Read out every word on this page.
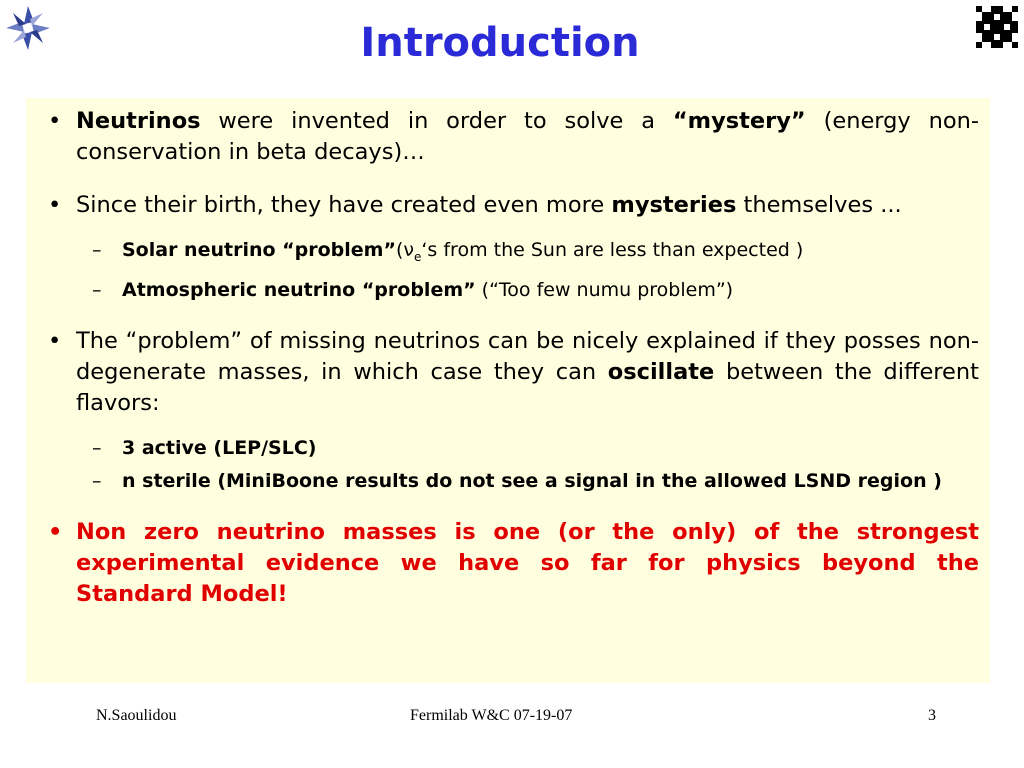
Introduction
• Neutrinos were invented in order to solve a “mystery” (energy non-conservation in beta decays)…
• Since their birth, they have created even more mysteries themselves ...
– Solar neutrino “$problem”(\nu_e‘s$ from the Sun are less than expected )
– Atmospheric neutrino “problem” (“Too few numu problem”)
• The “problem” of missing neutrinos can be nicely explained if they posses non-degenerate masses, in which case they can oscillate between the different flavors:
– 3 active (LEP/SLC)
– n sterile (MiniBoone results do not see a signal in the allowed LSND region )
• Non zero neutrino masses is one (or the only) of the strongest experimental evidence we have so far for physics beyond the Standard Model!
N.Saoulidou	Fermilab W&C 07-19-07	3
